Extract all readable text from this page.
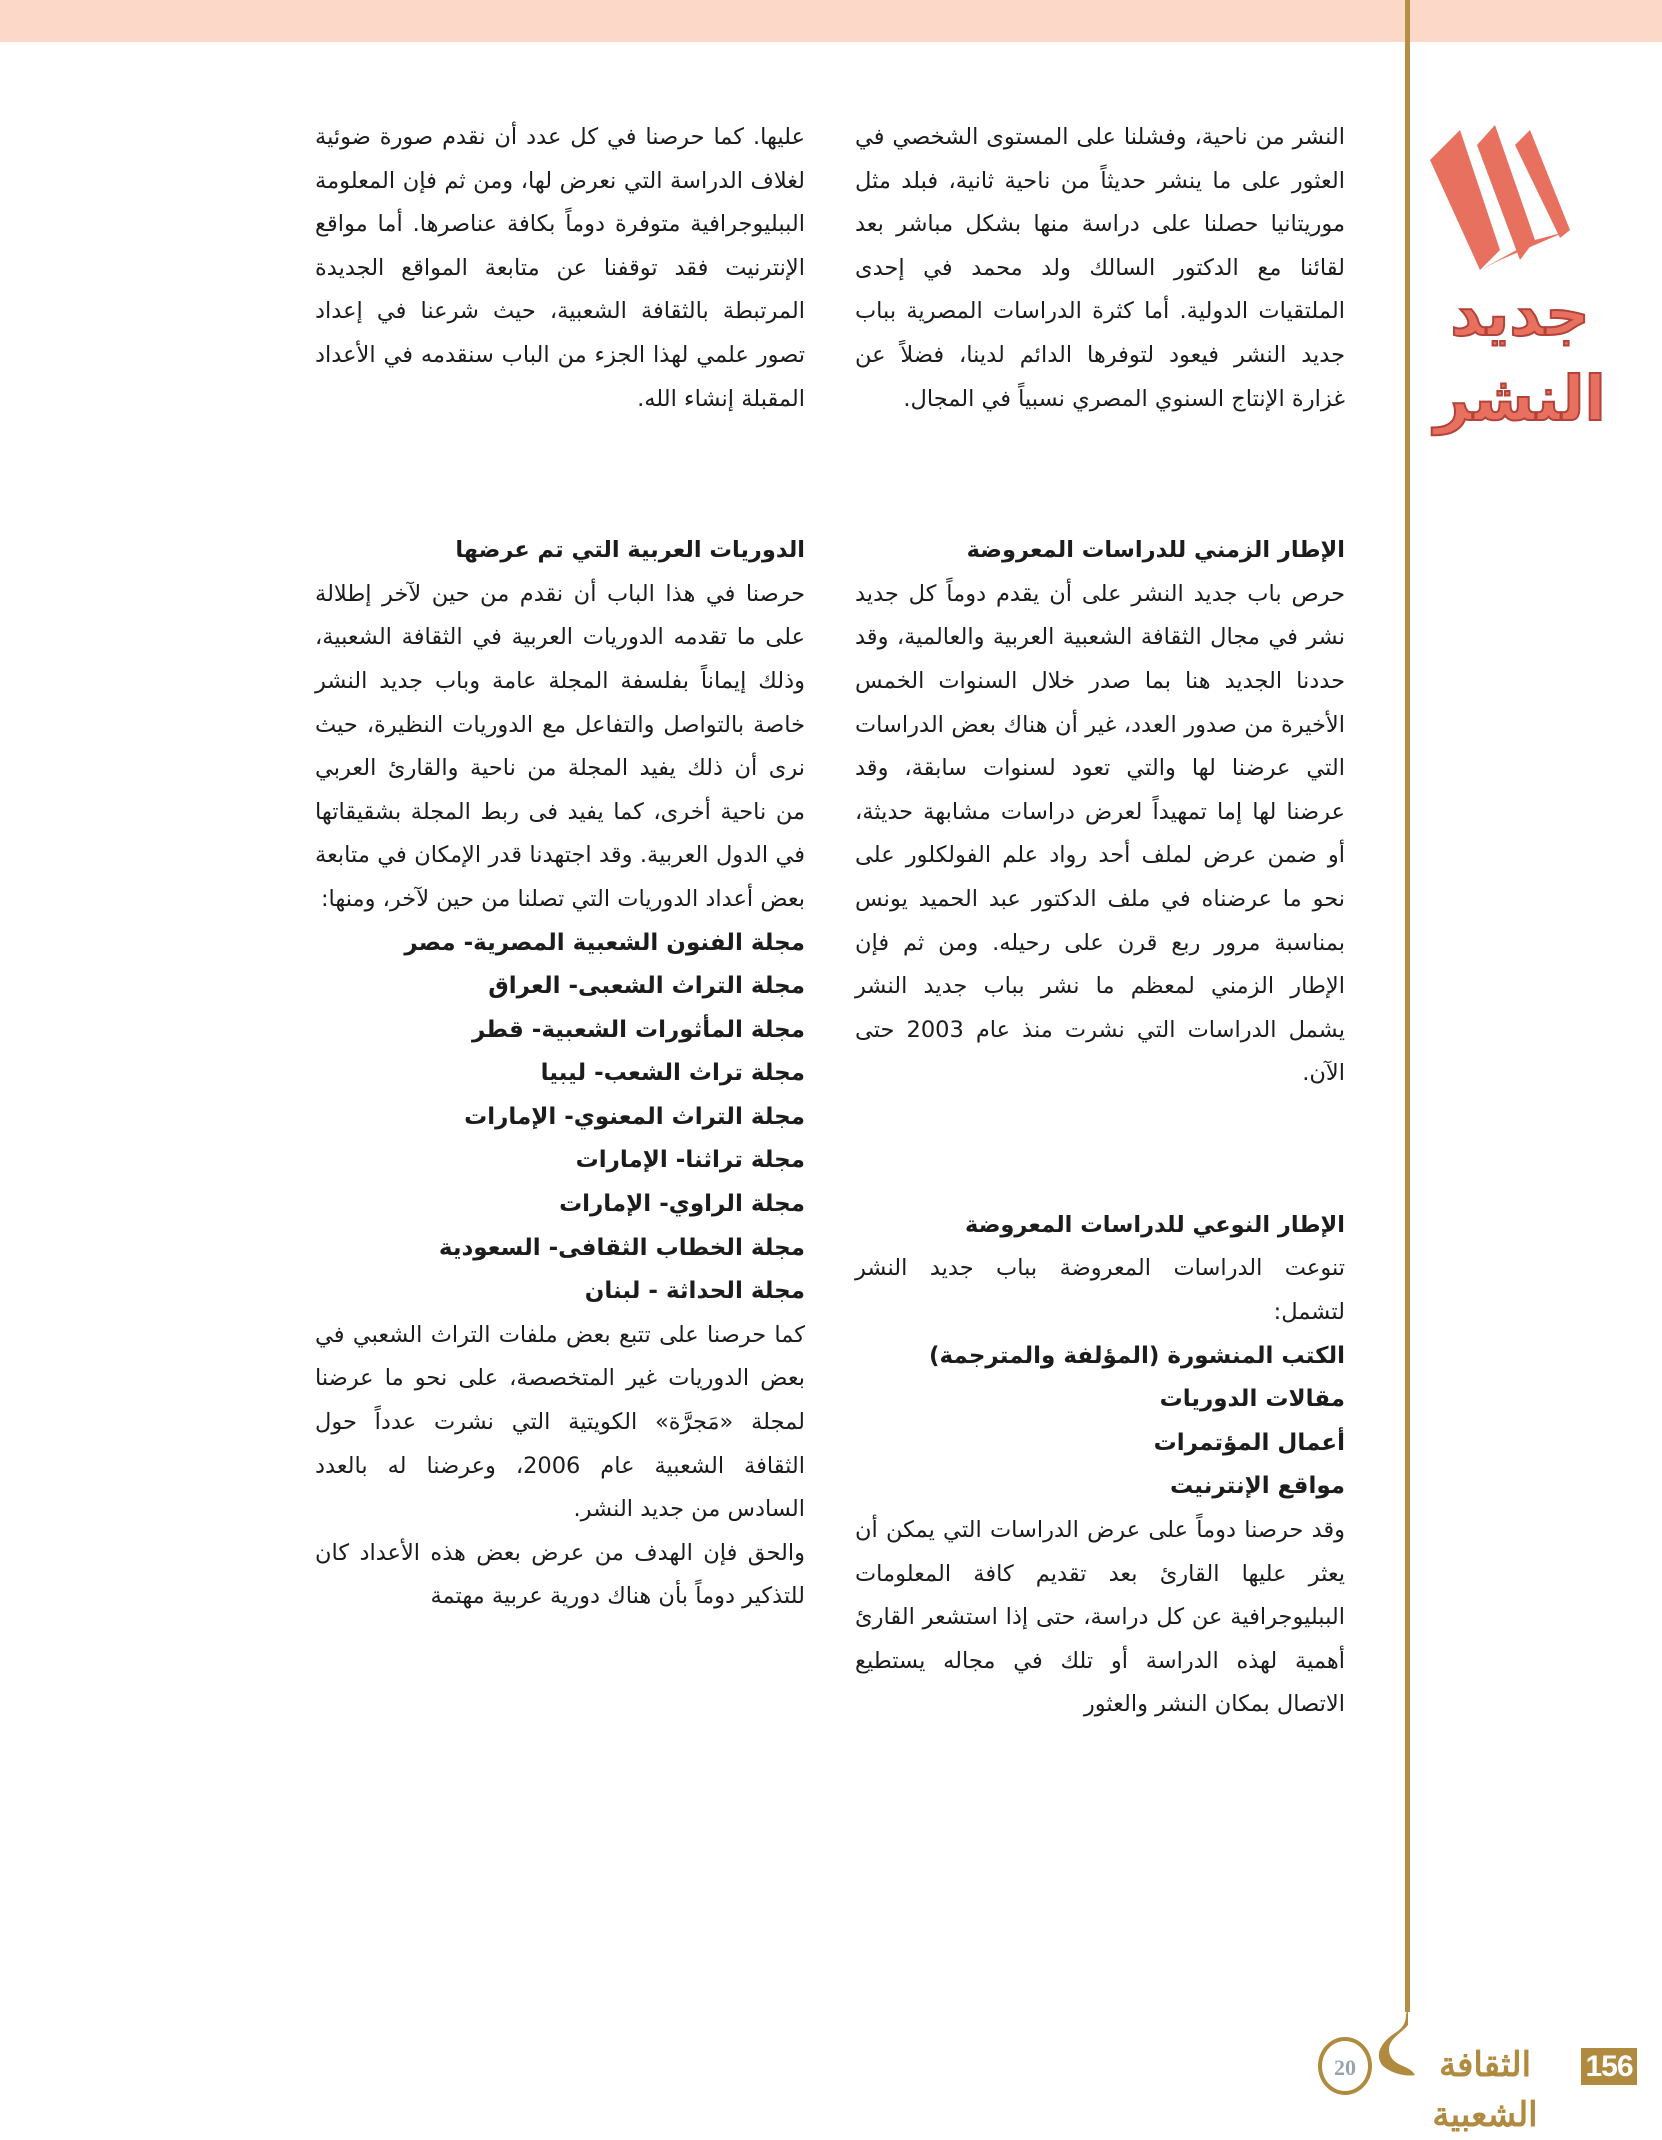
جديد
النشر

النشر من ناحية، وفشلنا على المستوى الشخصي في العثور على ما ينشر حديثاً من ناحية ثانية، فبلد مثل موريتانيا حصلنا على دراسة منها بشكل مباشر بعد لقائنا مع الدكتور السالك ولد محمد في إحدى الملتقيات الدولية. أما كثرة الدراسات المصرية بباب جديد النشر فيعود لتوفرها الدائم لدينا، فضلاً عن غزارة الإنتاج السنوي المصري نسبياً في المجال.

الإطار الزمني للدراسات المعروضة

حرص باب جديد النشر على أن يقدم دوماً كل جديد نشر في مجال الثقافة الشعبية العربية والعالمية، وقد حددنا الجديد هنا بما صدر خلال السنوات الخمس الأخيرة من صدور العدد، غير أن هناك بعض الدراسات التي عرضنا لها والتي تعود لسنوات سابقة، وقد عرضنا لها إما تمهيداً لعرض دراسات مشابهة حديثة، أو ضمن عرض لملف أحد رواد علم الفولكلور على نحو ما عرضناه في ملف الدكتور عبد الحميد يونس بمناسبة مرور ربع قرن على رحيله. ومن ثم فإن الإطار الزمني لمعظم ما نشر بباب جديد النشر يشمل الدراسات التي نشرت منذ عام 2003 حتى الآن.

الإطار النوعي للدراسات المعروضة

تنوعت الدراسات المعروضة بباب جديد النشر لتشمل:

الكتب المنشورة (المؤلفة والمترجمة)

مقالات الدوريات

أعمال المؤتمرات

مواقع الإنترنيت

وقد حرصنا دوماً على عرض الدراسات التي يمكن أن يعثر عليها القارئ بعد تقديم كافة المعلومات الببليوجرافية عن كل دراسة، حتى إذا استشعر القارئ أهمية لهذه الدراسة أو تلك في مجاله يستطيع الاتصال بمكان النشر والعثور

عليها. كما حرصنا في كل عدد أن نقدم صورة ضوئية لغلاف الدراسة التي نعرض لها، ومن ثم فإن المعلومة الببليوجرافية متوفرة دوماً بكافة عناصرها. أما مواقع الإنترنيت فقد توقفنا عن متابعة المواقع الجديدة المرتبطة بالثقافة الشعبية، حيث شرعنا في إعداد تصور علمي لهذا الجزء من الباب سنقدمه في الأعداد المقبلة إنشاء الله.

الدوريات العربية التي تم عرضها

حرصنا في هذا الباب أن نقدم من حين لآخر إطلالة على ما تقدمه الدوريات العربية في الثقافة الشعبية، وذلك إيماناً بفلسفة المجلة عامة وباب جديد النشر خاصة بالتواصل والتفاعل مع الدوريات النظيرة، حيث نرى أن ذلك يفيد المجلة من ناحية والقارئ العربي من ناحية أخرى، كما يفيد فى ربط المجلة بشقيقاتها في الدول العربية. وقد اجتهدنا قدر الإمكان في متابعة بعض أعداد الدوريات التي تصلنا من حين لآخر، ومنها:

مجلة الفنون الشعبية المصرية- مصر

مجلة التراث الشعبى- العراق

مجلة المأثورات الشعبية- قطر

مجلة تراث الشعب- ليبيا

مجلة التراث المعنوي- الإمارات

مجلة تراثنا- الإمارات

مجلة الراوي- الإمارات

مجلة الخطاب الثقافى- السعودية

مجلة الحداثة - لبنان

كما حرصنا على تتبع بعض ملفات التراث الشعبي في بعض الدوريات غير المتخصصة، على نحو ما عرضنا لمجلة «مَجرَّة» الكويتية التي نشرت عدداً حول الثقافة الشعبية عام 2006، وعرضنا له بالعدد السادس من جديد النشر.

والحق فإن الهدف من عرض بعض هذه الأعداد كان للتذكير دوماً بأن هناك دورية عربية مهتمة

20	الثقافة الشعبية
156
